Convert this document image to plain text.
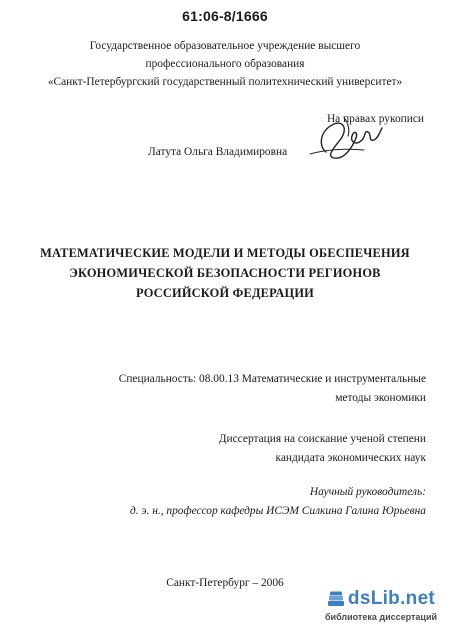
61:06-8/1666
Государственное образовательное учреждение высшего
профессионального образования
«Санкт-Петербургский государственный политехнический университет»
На правах рукописи
Латута Ольга Владимировна
МАТЕМАТИЧЕСКИЕ МОДЕЛИ И МЕТОДЫ ОБЕСПЕЧЕНИЯ
ЭКОНОМИЧЕСКОЙ БЕЗОПАСНОСТИ РЕГИОНОВ
РОССИЙСКОЙ ФЕДЕРАЦИИ
Специальность: 08.00.13 Математические и инструментальные
методы экономики
Диссертация на соискание ученой степени
кандидата экономических наук
Научный руководитель:
д. э. н., профессор кафедры ИСЭМ Силкина Галина Юрьевна
Санкт-Петербург – 2006
dsLib.net
библиотека диссертаций
